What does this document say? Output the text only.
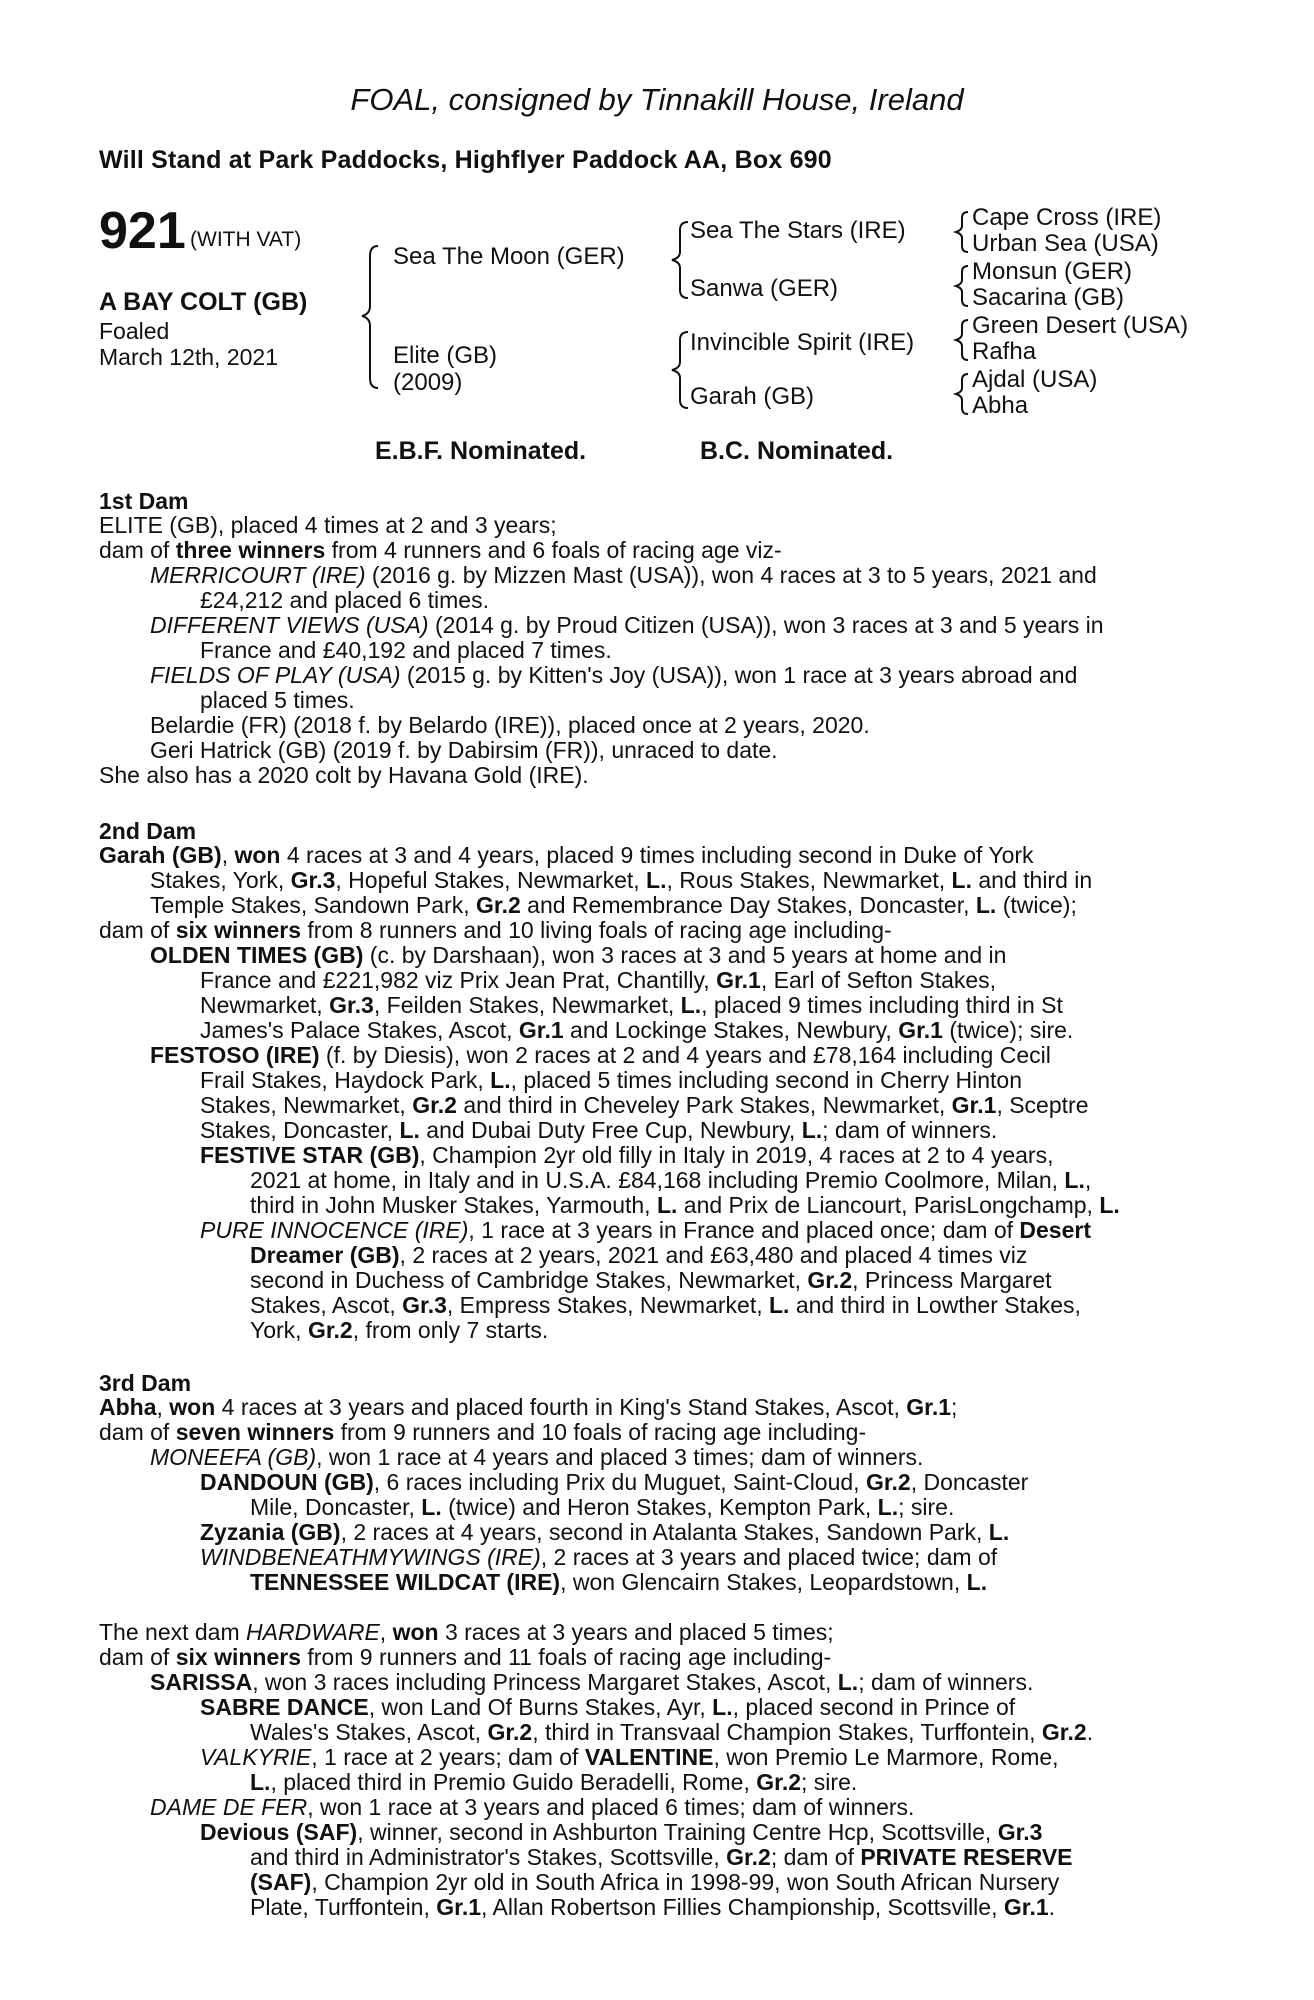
FOAL, consigned by Tinnakill House, Ireland
Will Stand at Park Paddocks, Highflyer Paddock AA, Box 690
921 (WITH VAT)
A BAY COLT (GB)
Foaled
March 12th, 2021
Sea The Moon (GER)
Elite (GB)
(2009)
Sea The Stars (IRE)
Sanwa (GER)
Invincible Spirit (IRE)
Garah (GB)
Cape Cross (IRE)
Urban Sea (USA)
Monsun (GER)
Sacarina (GB)
Green Desert (USA)
Rafha
Ajdal (USA)
Abha
E.B.F. Nominated.	B.C. Nominated.
1st Dam
ELITE (GB), placed 4 times at 2 and 3 years;
dam of three winners from 4 runners and 6 foals of racing age viz-
MERRICOURT (IRE) (2016 g. by Mizzen Mast (USA)), won 4 races at 3 to 5 years, 2021 and
£24,212 and placed 6 times.
DIFFERENT VIEWS (USA) (2014 g. by Proud Citizen (USA)), won 3 races at 3 and 5 years in
France and £40,192 and placed 7 times.
FIELDS OF PLAY (USA) (2015 g. by Kitten's Joy (USA)), won 1 race at 3 years abroad and
placed 5 times.
Belardie (FR) (2018 f. by Belardo (IRE)), placed once at 2 years, 2020.
Geri Hatrick (GB) (2019 f. by Dabirsim (FR)), unraced to date.
She also has a 2020 colt by Havana Gold (IRE).
2nd Dam
Garah (GB), won 4 races at 3 and 4 years, placed 9 times including second in Duke of York
Stakes, York, Gr.3, Hopeful Stakes, Newmarket, L., Rous Stakes, Newmarket, L. and third in
Temple Stakes, Sandown Park, Gr.2 and Remembrance Day Stakes, Doncaster, L. (twice);
dam of six winners from 8 runners and 10 living foals of racing age including-
OLDEN TIMES (GB) (c. by Darshaan), won 3 races at 3 and 5 years at home and in
France and £221,982 viz Prix Jean Prat, Chantilly, Gr.1, Earl of Sefton Stakes,
Newmarket, Gr.3, Feilden Stakes, Newmarket, L., placed 9 times including third in St
James's Palace Stakes, Ascot, Gr.1 and Lockinge Stakes, Newbury, Gr.1 (twice); sire.
FESTOSO (IRE) (f. by Diesis), won 2 races at 2 and 4 years and £78,164 including Cecil
Frail Stakes, Haydock Park, L., placed 5 times including second in Cherry Hinton
Stakes, Newmarket, Gr.2 and third in Cheveley Park Stakes, Newmarket, Gr.1, Sceptre
Stakes, Doncaster, L. and Dubai Duty Free Cup, Newbury, L.; dam of winners.
FESTIVE STAR (GB), Champion 2yr old filly in Italy in 2019, 4 races at 2 to 4 years,
2021 at home, in Italy and in U.S.A. £84,168 including Premio Coolmore, Milan, L.,
third in John Musker Stakes, Yarmouth, L. and Prix de Liancourt, ParisLongchamp, L.
PURE INNOCENCE (IRE), 1 race at 3 years in France and placed once; dam of Desert
Dreamer (GB), 2 races at 2 years, 2021 and £63,480 and placed 4 times viz
second in Duchess of Cambridge Stakes, Newmarket, Gr.2, Princess Margaret
Stakes, Ascot, Gr.3, Empress Stakes, Newmarket, L. and third in Lowther Stakes,
York, Gr.2, from only 7 starts.
3rd Dam
Abha, won 4 races at 3 years and placed fourth in King's Stand Stakes, Ascot, Gr.1;
dam of seven winners from 9 runners and 10 foals of racing age including-
MONEEFA (GB), won 1 race at 4 years and placed 3 times; dam of winners.
DANDOUN (GB), 6 races including Prix du Muguet, Saint-Cloud, Gr.2, Doncaster
Mile, Doncaster, L. (twice) and Heron Stakes, Kempton Park, L.; sire.
Zyzania (GB), 2 races at 4 years, second in Atalanta Stakes, Sandown Park, L.
WINDBENEATHMYWINGS (IRE), 2 races at 3 years and placed twice; dam of
TENNESSEE WILDCAT (IRE), won Glencairn Stakes, Leopardstown, L.
The next dam HARDWARE, won 3 races at 3 years and placed 5 times;
dam of six winners from 9 runners and 11 foals of racing age including-
SARISSA, won 3 races including Princess Margaret Stakes, Ascot, L.; dam of winners.
SABRE DANCE, won Land Of Burns Stakes, Ayr, L., placed second in Prince of
Wales's Stakes, Ascot, Gr.2, third in Transvaal Champion Stakes, Turffontein, Gr.2.
VALKYRIE, 1 race at 2 years; dam of VALENTINE, won Premio Le Marmore, Rome,
L., placed third in Premio Guido Beradelli, Rome, Gr.2; sire.
DAME DE FER, won 1 race at 3 years and placed 6 times; dam of winners.
Devious (SAF), winner, second in Ashburton Training Centre Hcp, Scottsville, Gr.3
and third in Administrator's Stakes, Scottsville, Gr.2; dam of PRIVATE RESERVE
(SAF), Champion 2yr old in South Africa in 1998-99, won South African Nursery
Plate, Turffontein, Gr.1, Allan Robertson Fillies Championship, Scottsville, Gr.1.
